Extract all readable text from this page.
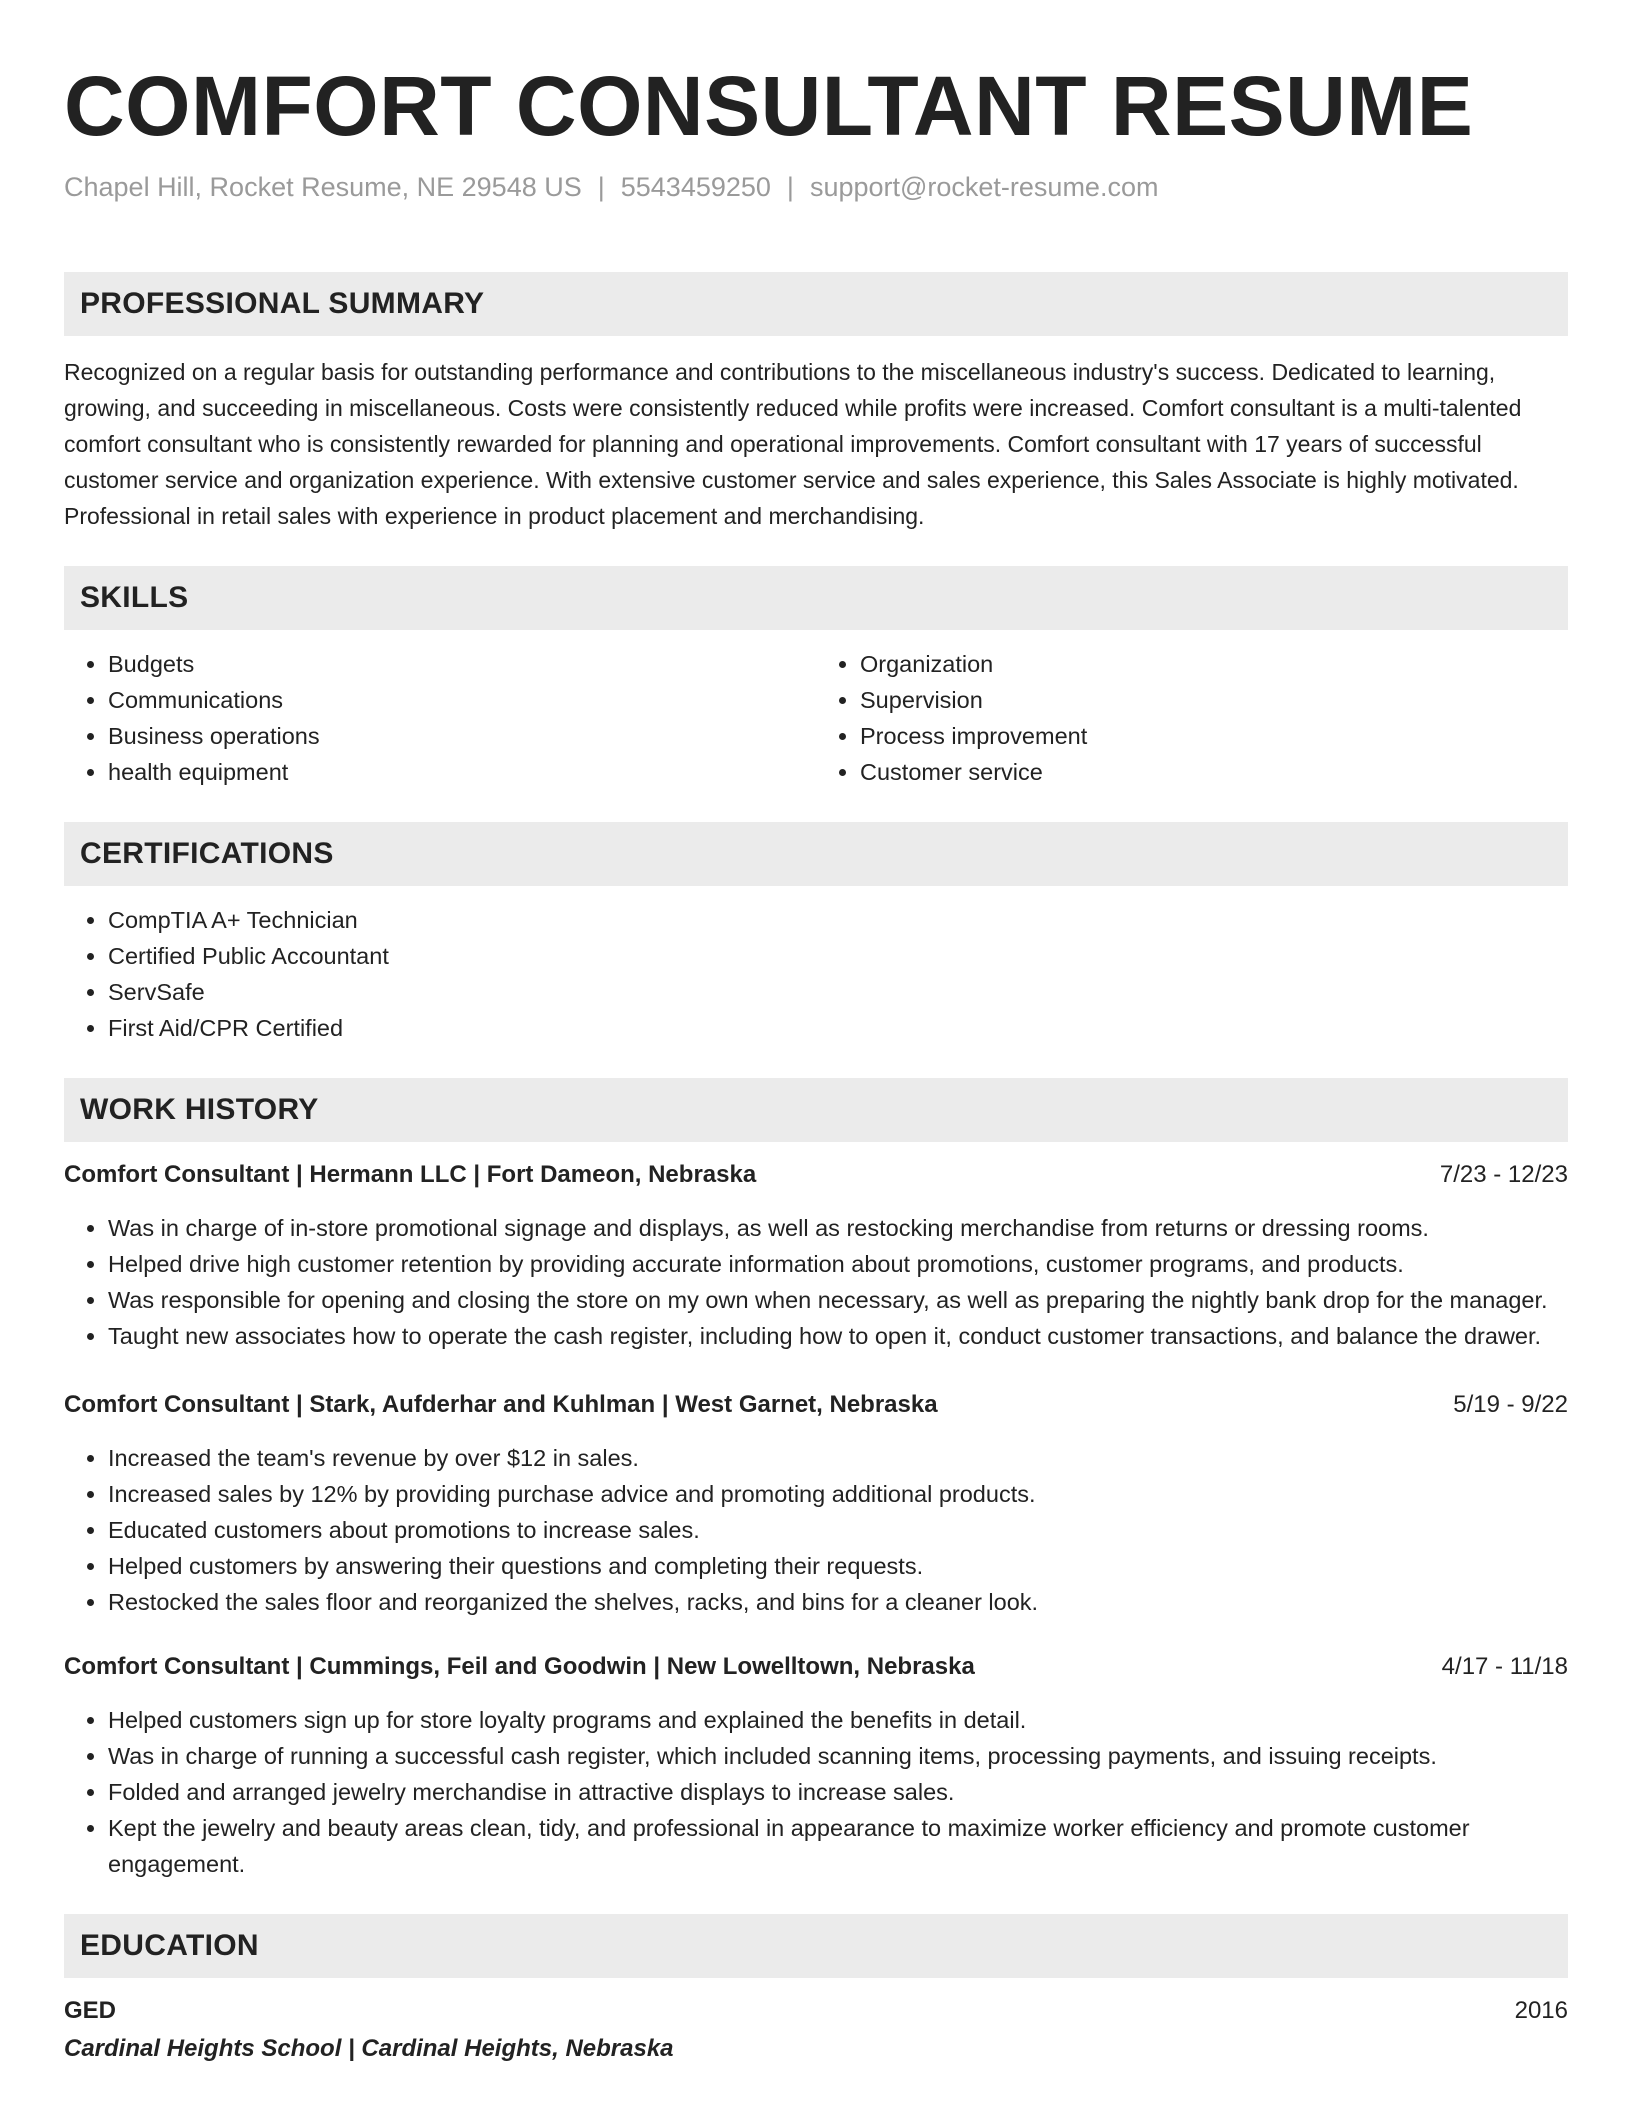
COMFORT CONSULTANT RESUME
Chapel Hill, Rocket Resume, NE 29548 US | 5543459250 | support@rocket-resume.com
PROFESSIONAL SUMMARY

Recognized on a regular basis for outstanding performance and contributions to the miscellaneous industry's success. Dedicated to learning, growing, and succeeding in miscellaneous. Costs were consistently reduced while profits were increased. Comfort consultant is a multi-talented comfort consultant who is consistently rewarded for planning and operational improvements. Comfort consultant with 17 years of successful customer service and organization experience. With extensive customer service and sales experience, this Sales Associate is highly motivated. Professional in retail sales with experience in product placement and merchandising.

SKILLS
• Budgets
• Communications
• Business operations
• health equipment
• Organization
• Supervision
• Process improvement
• Customer service
CERTIFICATIONS
• CompTIA A+ Technician
• Certified Public Accountant
• ServSafe
• First Aid/CPR Certified
WORK HISTORY
Comfort Consultant | Hermann LLC | Fort Dameon, Nebraska	7/23 - 12/23
• Was in charge of in-store promotional signage and displays, as well as restocking merchandise from returns or dressing rooms.
• Helped drive high customer retention by providing accurate information about promotions, customer programs, and products.
• Was responsible for opening and closing the store on my own when necessary, as well as preparing the nightly bank drop for the manager.
• Taught new associates how to operate the cash register, including how to open it, conduct customer transactions, and balance the drawer.
Comfort Consultant | Stark, Aufderhar and Kuhlman | West Garnet, Nebraska	5/19 - 9/22
• Increased the team's revenue by over $12 in sales.
• Increased sales by 12% by providing purchase advice and promoting additional products.
• Educated customers about promotions to increase sales.
• Helped customers by answering their questions and completing their requests.
• Restocked the sales floor and reorganized the shelves, racks, and bins for a cleaner look.
Comfort Consultant | Cummings, Feil and Goodwin | New Lowelltown, Nebraska	4/17 - 11/18
• Helped customers sign up for store loyalty programs and explained the benefits in detail.
• Was in charge of running a successful cash register, which included scanning items, processing payments, and issuing receipts.
• Folded and arranged jewelry merchandise in attractive displays to increase sales.
• Kept the jewelry and beauty areas clean, tidy, and professional in appearance to maximize worker efficiency and promote customer engagement.
EDUCATION
GED	2016
Cardinal Heights School | Cardinal Heights, Nebraska
